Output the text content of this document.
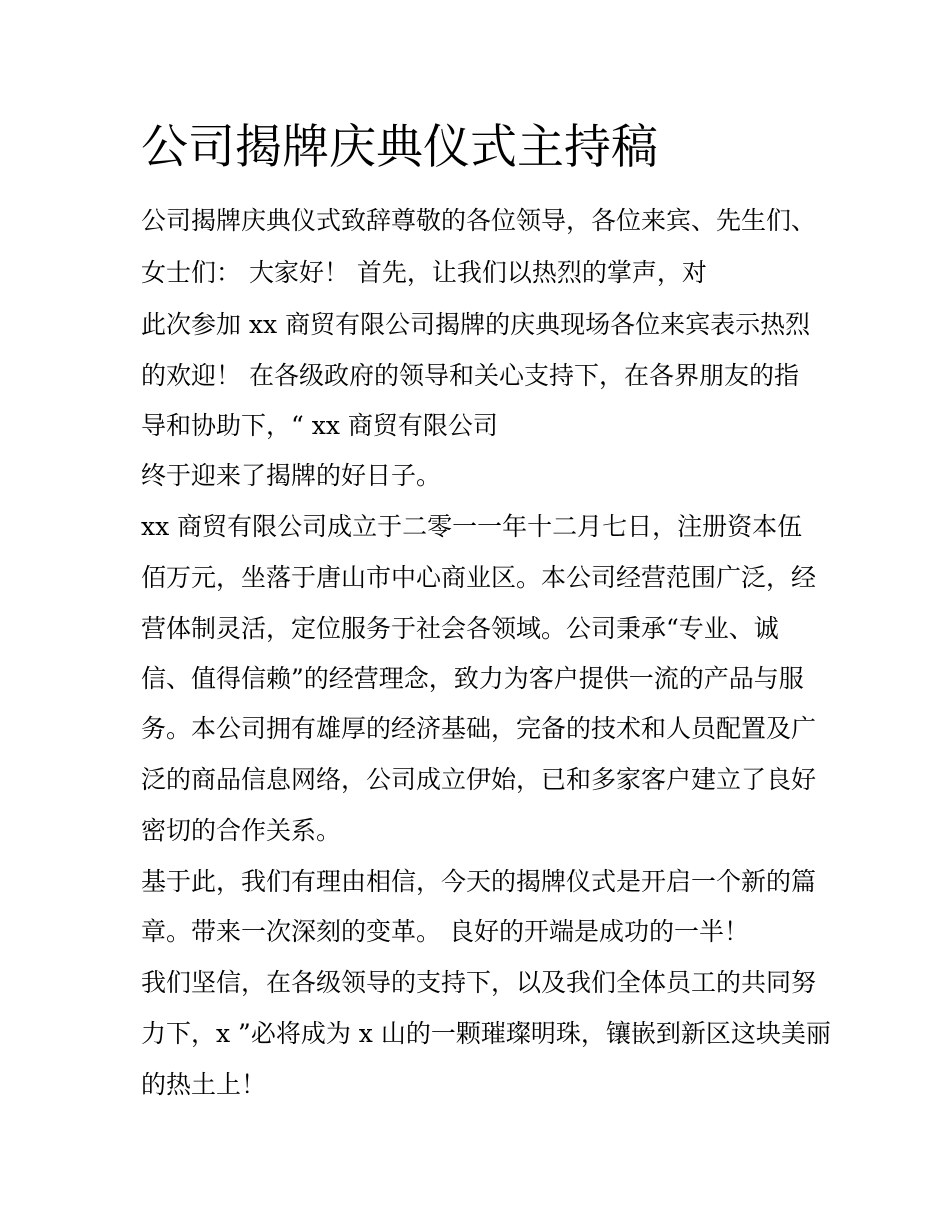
公司揭牌庆典仪式主持稿
公司揭牌庆典仪式致辞尊敬的各位领导，各位来宾、先生们、
女士们： 大家好！ 首先，让我们以热烈的掌声，对
此次参加 xx 商贸有限公司揭牌的庆典现场各位来宾表示热烈
的欢迎！ 在各级政府的领导和关心支持下，在各界朋友的指
导和协助下，“ xx 商贸有限公司
终于迎来了揭牌的好日子。
xx 商贸有限公司成立于二零一一年十二月七日，注册资本伍
佰万元，坐落于唐山市中心商业区。本公司经营范围广泛，经
营体制灵活，定位服务于社会各领域。公司秉承“专业、诚
信、值得信赖”的经营理念，致力为客户提供一流的产品与服
务。本公司拥有雄厚的经济基础，完备的技术和人员配置及广
泛的商品信息网络，公司成立伊始，已和多家客户建立了良好
密切的合作关系。
基于此，我们有理由相信，今天的揭牌仪式是开启一个新的篇
章。带来一次深刻的变革。 良好的开端是成功的一半！
我们坚信，在各级领导的支持下，以及我们全体员工的共同努
力下，x ”必将成为 x 山的一颗璀璨明珠，镶嵌到新区这块美丽
的热土上！
